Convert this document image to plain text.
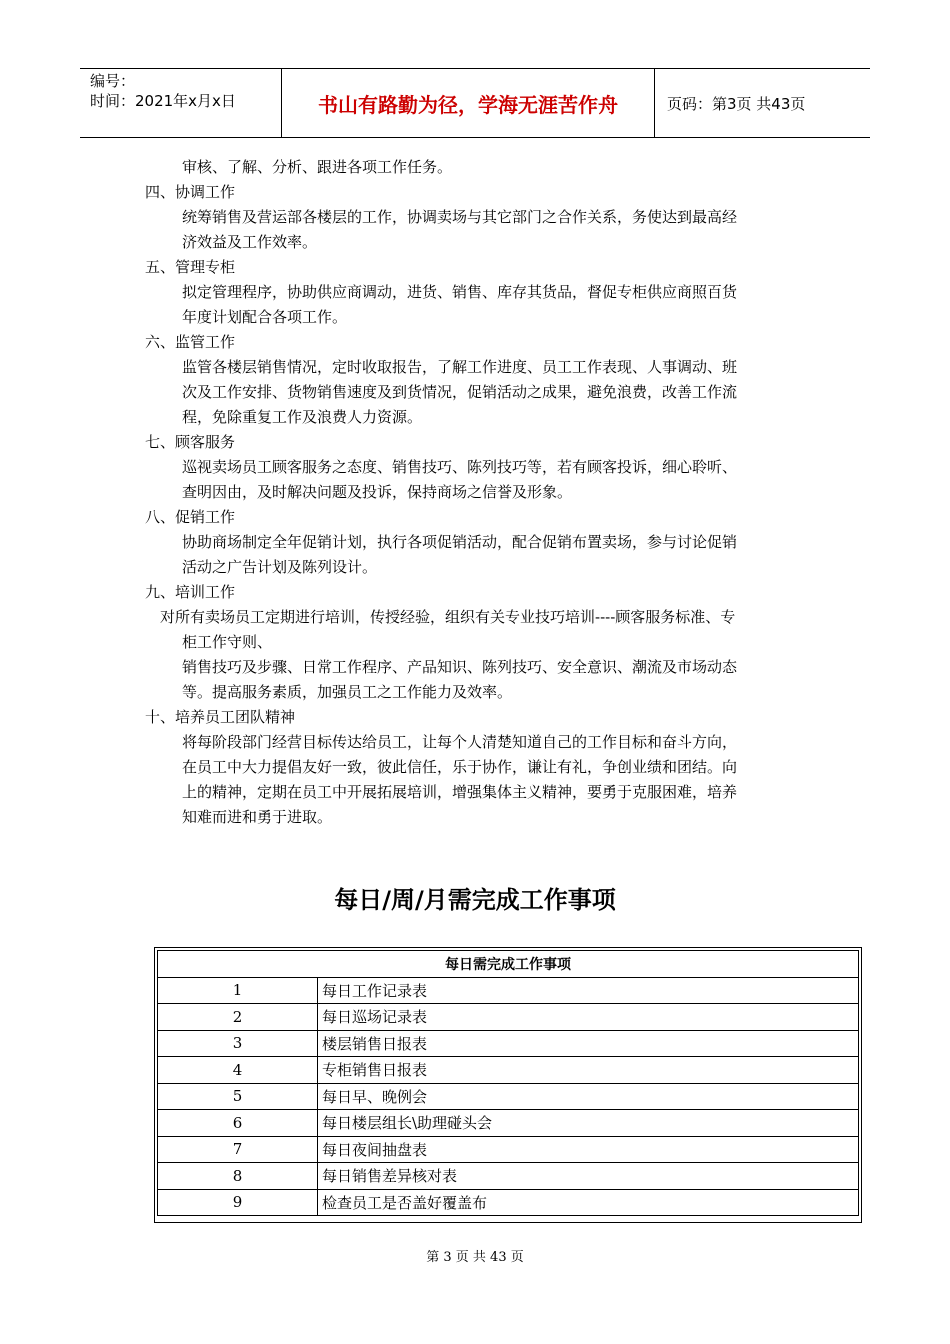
编号：
时间：2021年x月x日	书山有路勤为径，学海无涯苦作舟	页码：第3页 共43页
审核、了解、分析、跟进各项工作任务。
四、协调工作
统筹销售及营运部各楼层的工作，协调卖场与其它部门之合作关系，务使达到最高经
济效益及工作效率。
五、管理专柜
拟定管理程序，协助供应商调动，进货、销售、库存其货品，督促专柜供应商照百货
年度计划配合各项工作。
六、监管工作
监管各楼层销售情况，定时收取报告，了解工作进度、员工工作表现、人事调动、班
次及工作安排、货物销售速度及到货情况，促销活动之成果，避免浪费，改善工作流
程，免除重复工作及浪费人力资源。
七、顾客服务
巡视卖场员工顾客服务之态度、销售技巧、陈列技巧等，若有顾客投诉，细心聆听、
查明因由，及时解决问题及投诉，保持商场之信誉及形象。
八、促销工作
协助商场制定全年促销计划，执行各项促销活动，配合促销布置卖场，参与讨论促销
活动之广告计划及陈列设计。
九、培训工作
对所有卖场员工定期进行培训，传授经验，组织有关专业技巧培训----顾客服务标准、专
柜工作守则、
销售技巧及步骤、日常工作程序、产品知识、陈列技巧、安全意识、潮流及市场动态
等。提高服务素质，加强员工之工作能力及效率。
十、培养员工团队精神
将每阶段部门经营目标传达给员工，让每个人清楚知道自己的工作目标和奋斗方向，
在员工中大力提倡友好一致，彼此信任，乐于协作，谦让有礼，争创业绩和团结。向
上的精神，定期在员工中开展拓展培训，增强集体主义精神，要勇于克服困难，培养
知难而进和勇于进取。
每日/周/月需完成工作事项
每日需完成工作事项	
1	每日工作记录表
2	每日巡场记录表
3	楼层销售日报表
4	专柜销售日报表
5	每日早、晚例会
6	每日楼层组长\助理碰头会
7	每日夜间抽盘表
8	每日销售差异核对表
9	检查员工是否盖好覆盖布
第 3 页 共 43 页
